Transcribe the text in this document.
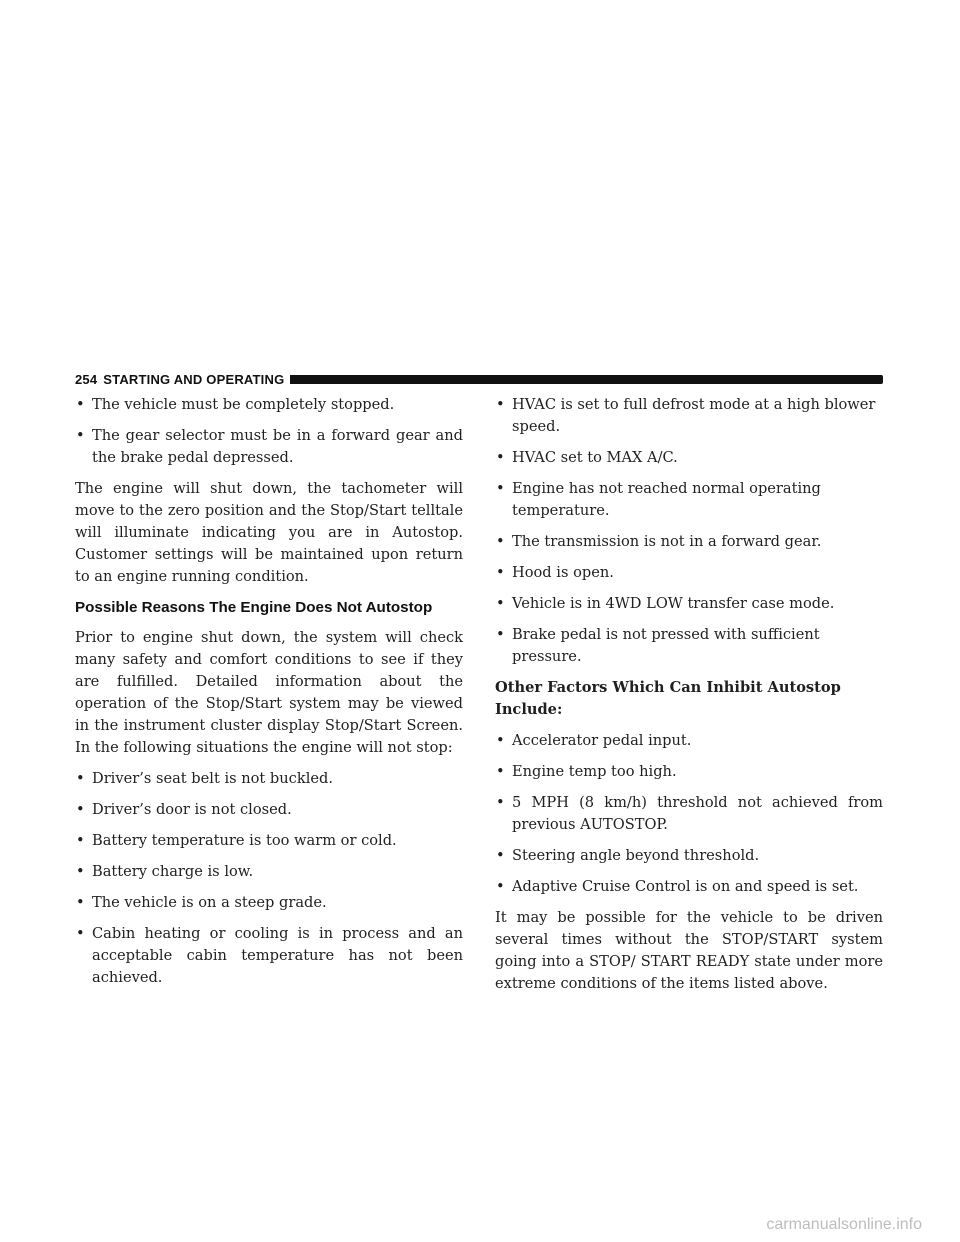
254 STARTING AND OPERATING
• The vehicle must be completely stopped.
• The gear selector must be in a forward gear and the brake pedal depressed.

The engine will shut down, the tachometer will move to the zero position and the Stop/Start telltale will illuminate indicating you are in Autostop. Customer settings will be maintained upon return to an engine running condition.

Possible Reasons The Engine Does Not Autostop

Prior to engine shut down, the system will check many safety and comfort conditions to see if they are fulfilled. Detailed information about the operation of the Stop/Start system may be viewed in the instrument cluster display Stop/Start Screen. In the following situations the engine will not stop:

• Driver’s seat belt is not buckled.
• Driver’s door is not closed.
• Battery temperature is too warm or cold.
• Battery charge is low.
• The vehicle is on a steep grade.
• Cabin heating or cooling is in process and an acceptable cabin temperature has not been achieved.
• HVAC is set to full defrost mode at a high blower speed.
• HVAC set to MAX A/C.
• Engine has not reached normal operating temperature.
• The transmission is not in a forward gear.
• Hood is open.
• Vehicle is in 4WD LOW transfer case mode.
• Brake pedal is not pressed with sufficient pressure.
Other Factors Which Can Inhibit Autostop Include:
• Accelerator pedal input.
• Engine temp too high.
• 5 MPH (8 km/h) threshold not achieved from previous AUTOSTOP.
• Steering angle beyond threshold.
• Adaptive Cruise Control is on and speed is set.

It may be possible for the vehicle to be driven several times without the STOP/START system going into a STOP/ START READY state under more extreme conditions of the items listed above.

carmanualsonline.info
